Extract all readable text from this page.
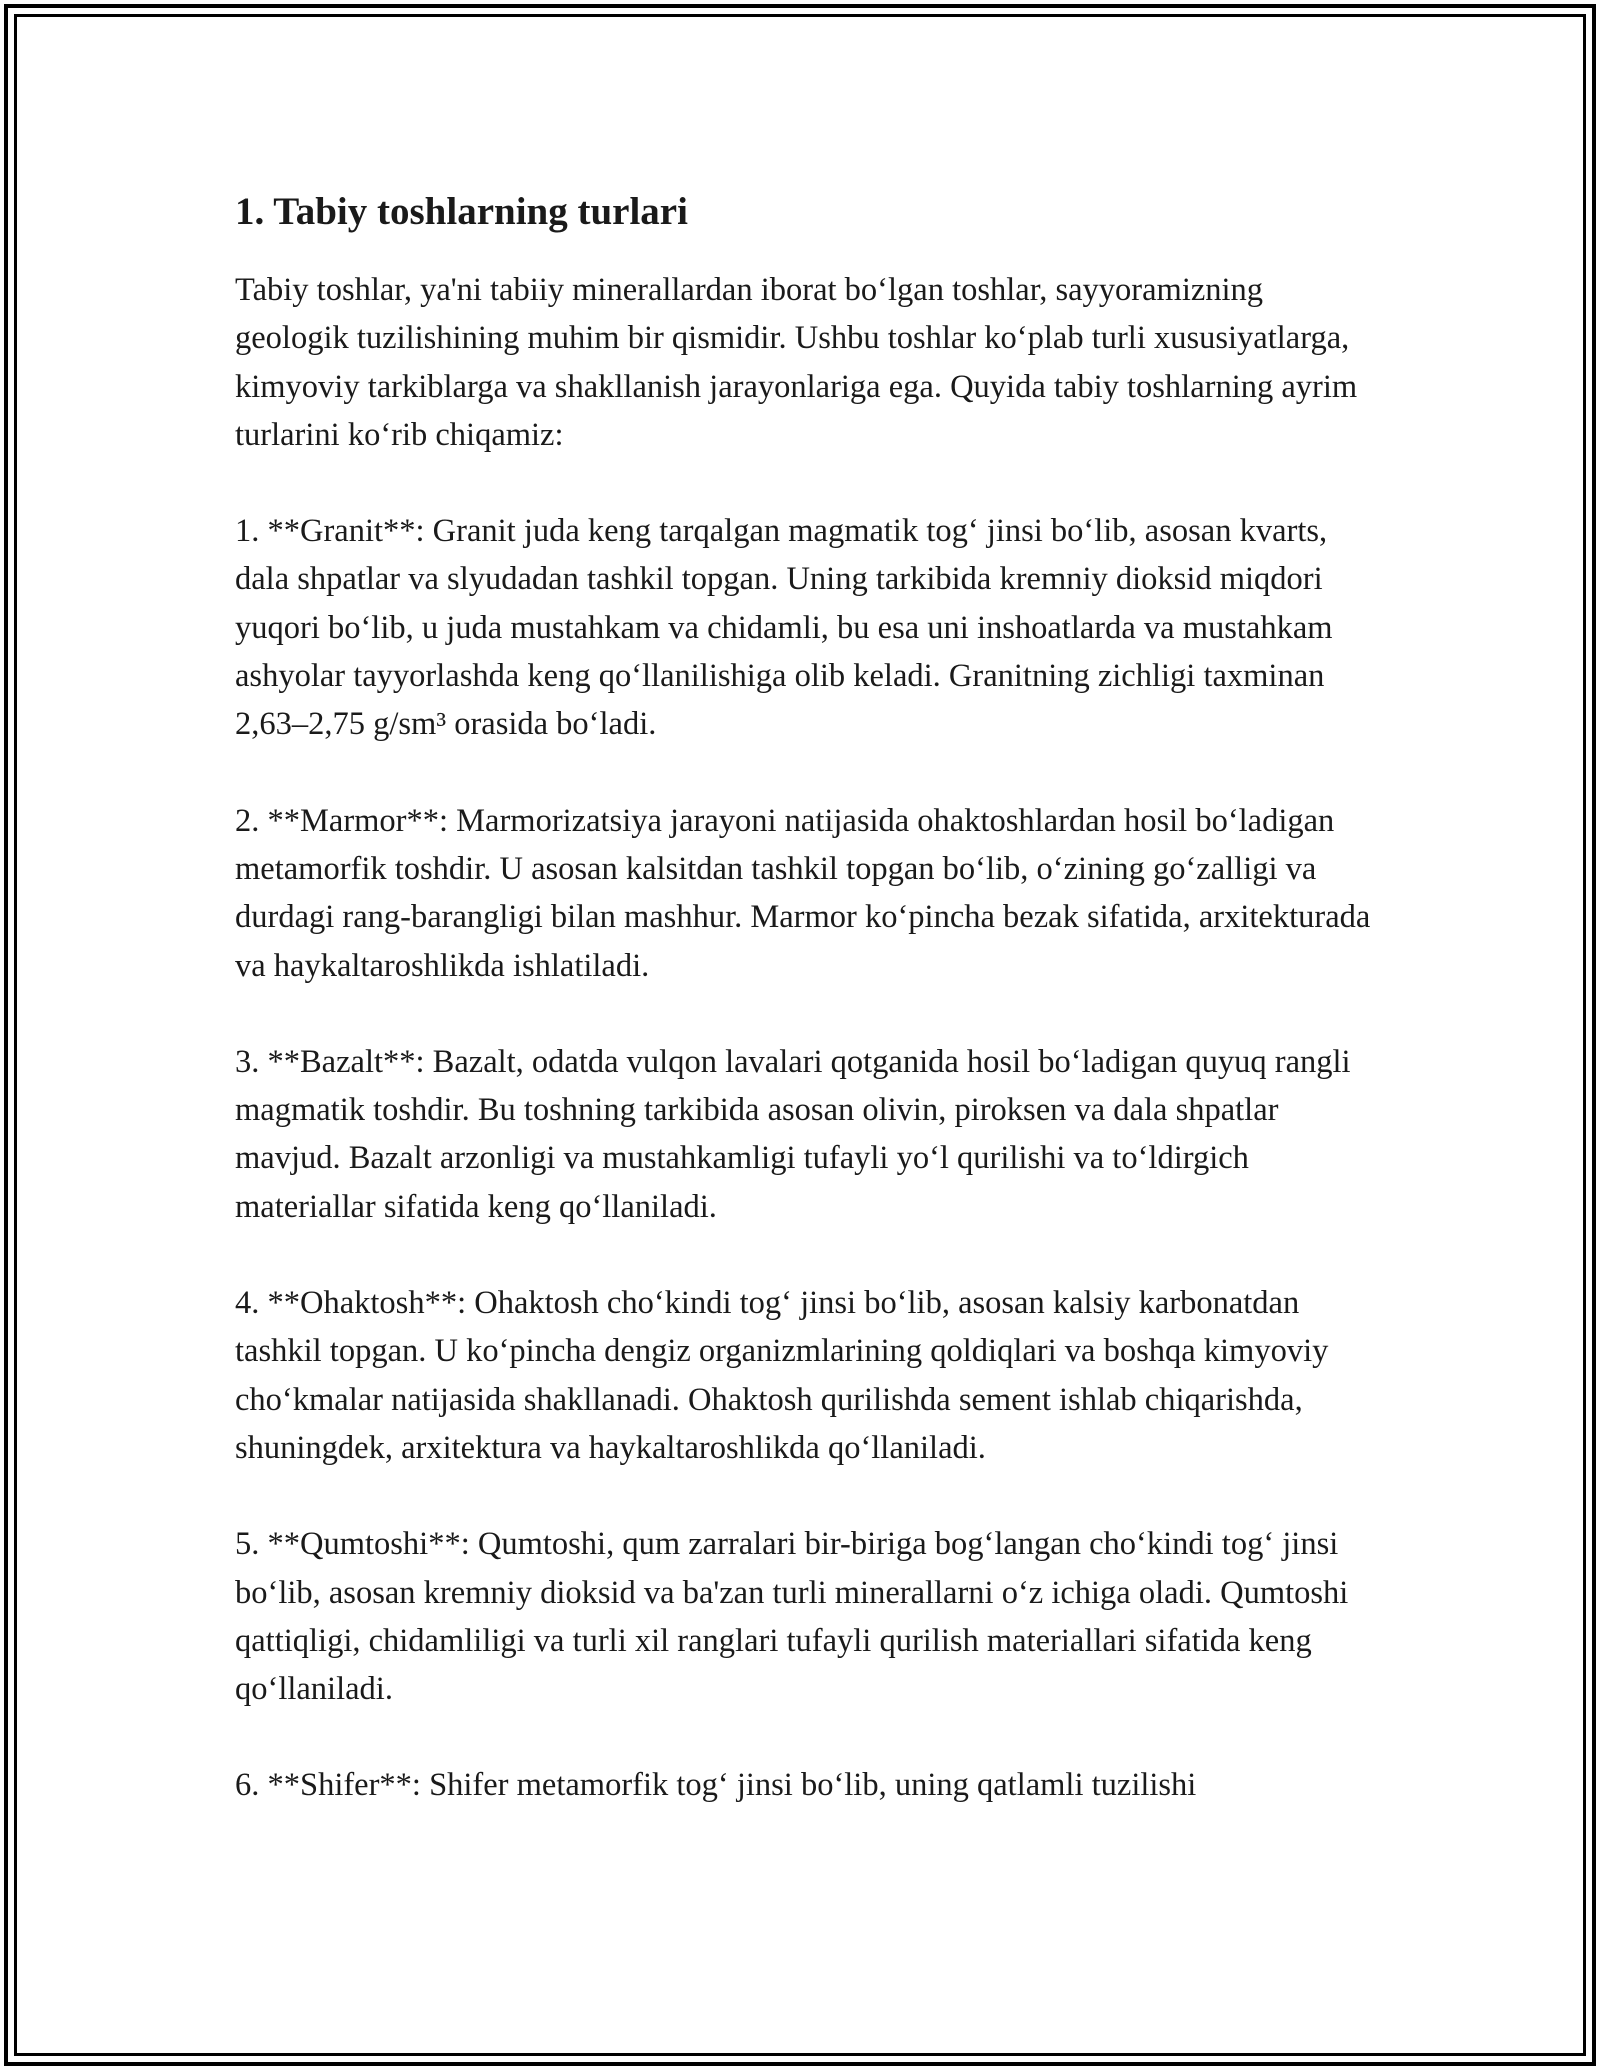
1. Tabiy toshlarning turlari

Tabiy toshlar, ya'ni tabiiy minerallardan iborat bo‘lgan toshlar, sayyoramizning geologik tuzilishining muhim bir qismidir. Ushbu toshlar ko‘plab turli xususiyatlarga, kimyoviy tarkiblarga va shakllanish jarayonlariga ega. Quyida tabiy toshlarning ayrim turlarini ko‘rib chiqamiz:

1. **Granit**: Granit juda keng tarqalgan magmatik tog‘ jinsi bo‘lib, asosan kvarts, dala shpatlar va slyudadan tashkil topgan. Uning tarkibida kremniy dioksid miqdori yuqori bo‘lib, u juda mustahkam va chidamli, bu esa uni inshoatlarda va mustahkam ashyolar tayyorlashda keng qo‘llanilishiga olib keladi. Granitning zichligi taxminan 2,63–2,75 g/sm³ orasida bo‘ladi.

2. **Marmor**: Marmorizatsiya jarayoni natijasida ohaktoshlardan hosil bo‘ladigan metamorfik toshdir. U asosan kalsitdan tashkil topgan bo‘lib, o‘zining go‘zalligi va durdagi rang-barangligi bilan mashhur. Marmor ko‘pincha bezak sifatida, arxitekturada va haykaltaroshlikda ishlatiladi.

3. **Bazalt**: Bazalt, odatda vulqon lavalari qotganida hosil bo‘ladigan quyuq rangli magmatik toshdir. Bu toshning tarkibida asosan olivin, piroksen va dala shpatlar mavjud. Bazalt arzonligi va mustahkamligi tufayli yo‘l qurilishi va to‘ldirgich materiallar sifatida keng qo‘llaniladi.

4. **Ohaktosh**: Ohaktosh cho‘kindi tog‘ jinsi bo‘lib, asosan kalsiy karbonatdan tashkil topgan. U ko‘pincha dengiz organizmlarining qoldiqlari va boshqa kimyoviy cho‘kmalar natijasida shakllanadi. Ohaktosh qurilishda sement ishlab chiqarishda, shuningdek, arxitektura va haykaltaroshlikda qo‘llaniladi.

5. **Qumtoshi**: Qumtoshi, qum zarralari bir-biriga bog‘langan cho‘kindi tog‘ jinsi bo‘lib, asosan kremniy dioksid va ba'zan turli minerallarni o‘z ichiga oladi. Qumtoshi qattiqligi, chidamliligi va turli xil ranglari tufayli qurilish materiallari sifatida keng qo‘llaniladi.

6. **Shifer**: Shifer metamorfik tog‘ jinsi bo‘lib, uning qatlamli tuzilishi
